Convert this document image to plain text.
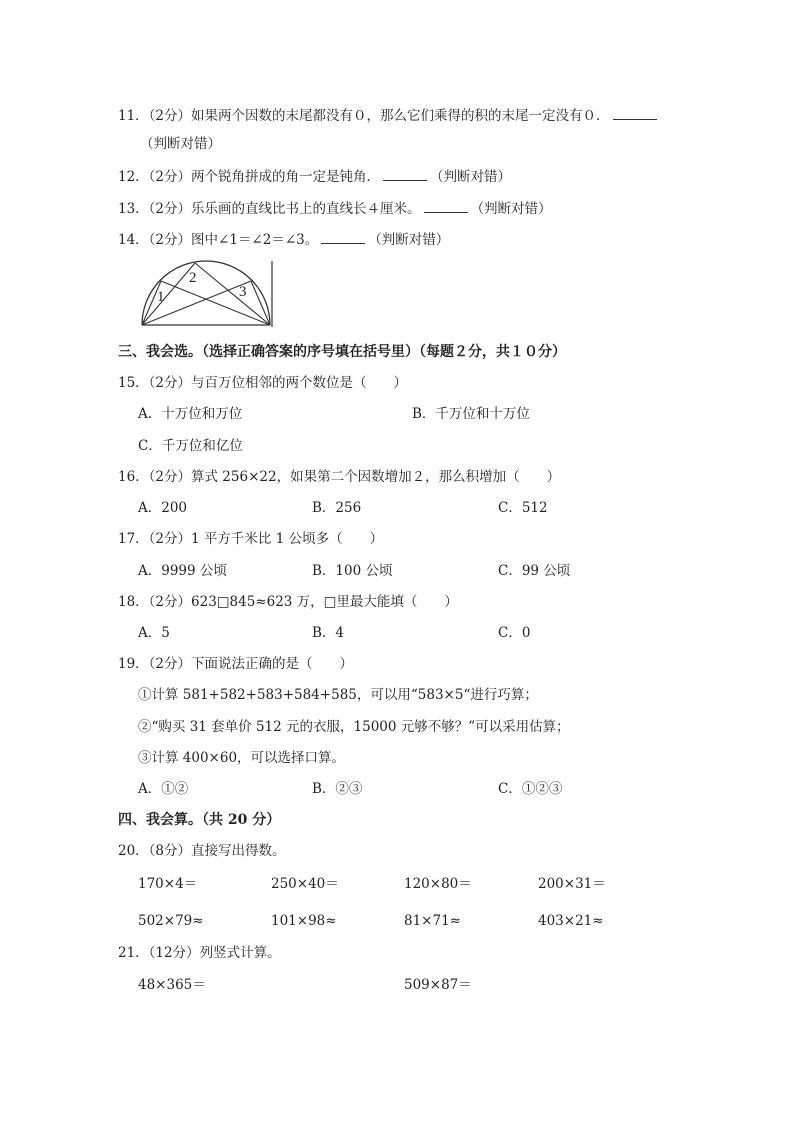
11．（2分）如果两个因数的末尾都没有０，那么它们乘得的积的末尾一定没有０．
（判断对错）
12．（2分）两个锐角拼成的角一定是钝角．	（判断对错）
13．（2分）乐乐画的直线比书上的直线长４厘米。	（判断对错）
14．（2分）图中∠1＝∠2＝∠3。	（判断对错）
1
2
3
三、我会选。（选择正确答案的序号填在括号里）（每题２分，共１０分）
15．（2分）与百万位相邻的两个数位是（　　）
A．十万位和万位	B．千万位和十万位
C．千万位和亿位
16．（2分）算式 256×22，如果第二个因数增加２，那么积增加（　　）
A．200	B．256	C．512
17．（2分）1 平方千米比 1 公顷多（　　）
A．9999 公顷	B．100 公顷	C．99 公顷
18．（2分）623□845≈623 万，□里最大能填（　　）
A．5	B．4	C．0
19．（2分）下面说法正确的是（　　）
①计算 581+582+583+584+585，可以用“583×5“进行巧算；
②“购买 31 套单价 512 元的衣服，15000 元够不够？”可以采用估算；
③计算 400×60，可以选择口算。
A．①②	B．②③	C．①②③
四、我会算。（共 20 分）
20．（8分）直接写出得数。
170×4＝	250×40＝	120×80＝	200×31＝
502×79≈	101×98≈	81×71≈	403×21≈
21．（12分）列竖式计算。
48×365＝	509×87＝
